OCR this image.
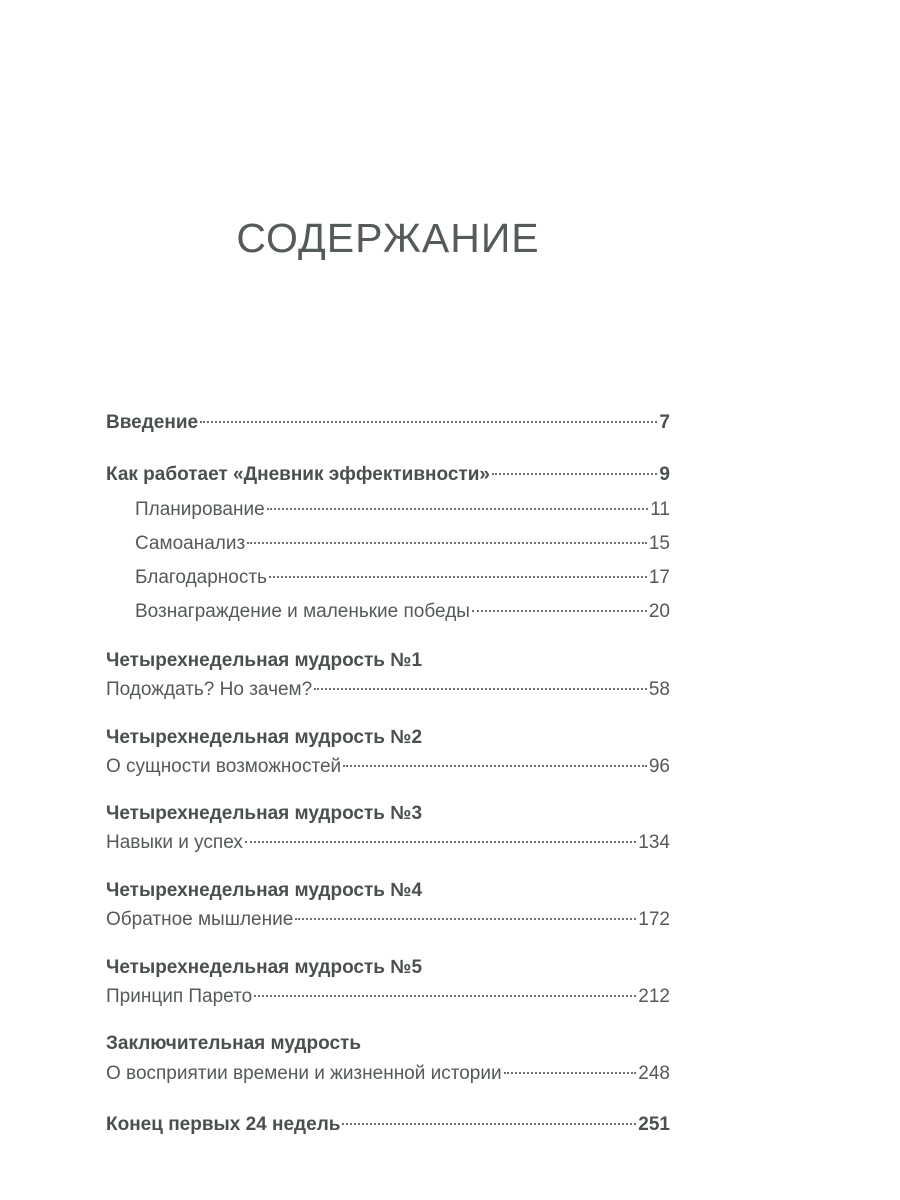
СОДЕРЖАНИЕ
Введение	7
Как работает «Дневник эффективности»	9
Планирование	11
Самоанализ	15
Благодарность	17
Вознаграждение и маленькие победы	20
Четырехнедельная мудрость №1
Подождать? Но зачем?	58
Четырехнедельная мудрость №2
О сущности возможностей	96
Четырехнедельная мудрость №3
Навыки и успех	134
Четырехнедельная мудрость №4
Обратное мышление	172
Четырехнедельная мудрость №5
Принцип Парето	212
Заключительная мудрость
О восприятии времени и жизненной истории	248
Конец первых 24 недель	251
